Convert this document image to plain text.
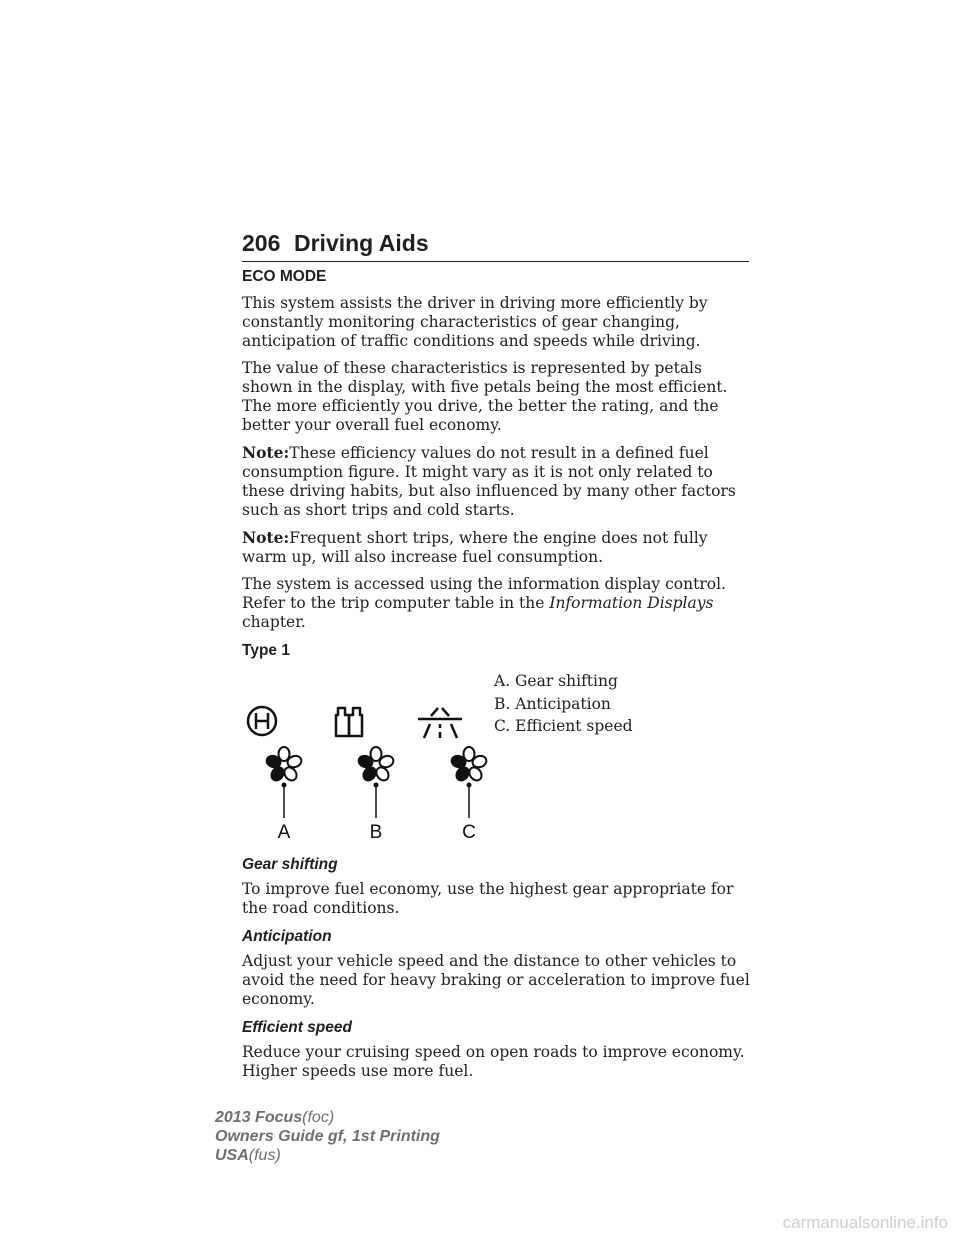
206 Driving Aids
ECO MODE

This system assists the driver in driving more efficiently by constantly monitoring characteristics of gear changing, anticipation of traffic conditions and speeds while driving.

The value of these characteristics is represented by petals shown in the display, with five petals being the most efficient. The more efficiently you drive, the better the rating, and the better your overall fuel economy.

Note:These efficiency values do not result in a defined fuel consumption figure. It might vary as it is not only related to these driving habits, but also influenced by many other factors such as short trips and cold starts.

Note:Frequent short trips, where the engine does not fully warm up, will also increase fuel consumption.

The system is accessed using the information display control. Refer to the trip computer table in the Information Displays chapter.

Type 1
A	B	C
A. Gear shifting
B. Anticipation
C. Efficient speed
Gear shifting

To improve fuel economy, use the highest gear appropriate for the road conditions.

Anticipation

Adjust your vehicle speed and the distance to other vehicles to avoid the need for heavy braking or acceleration to improve fuel economy.

Efficient speed

Reduce your cruising speed on open roads to improve economy. Higher speeds use more fuel.

2013 Focus(foc)
Owners Guide gf, 1st Printing
USA(fus)
carmanualsonline.info
